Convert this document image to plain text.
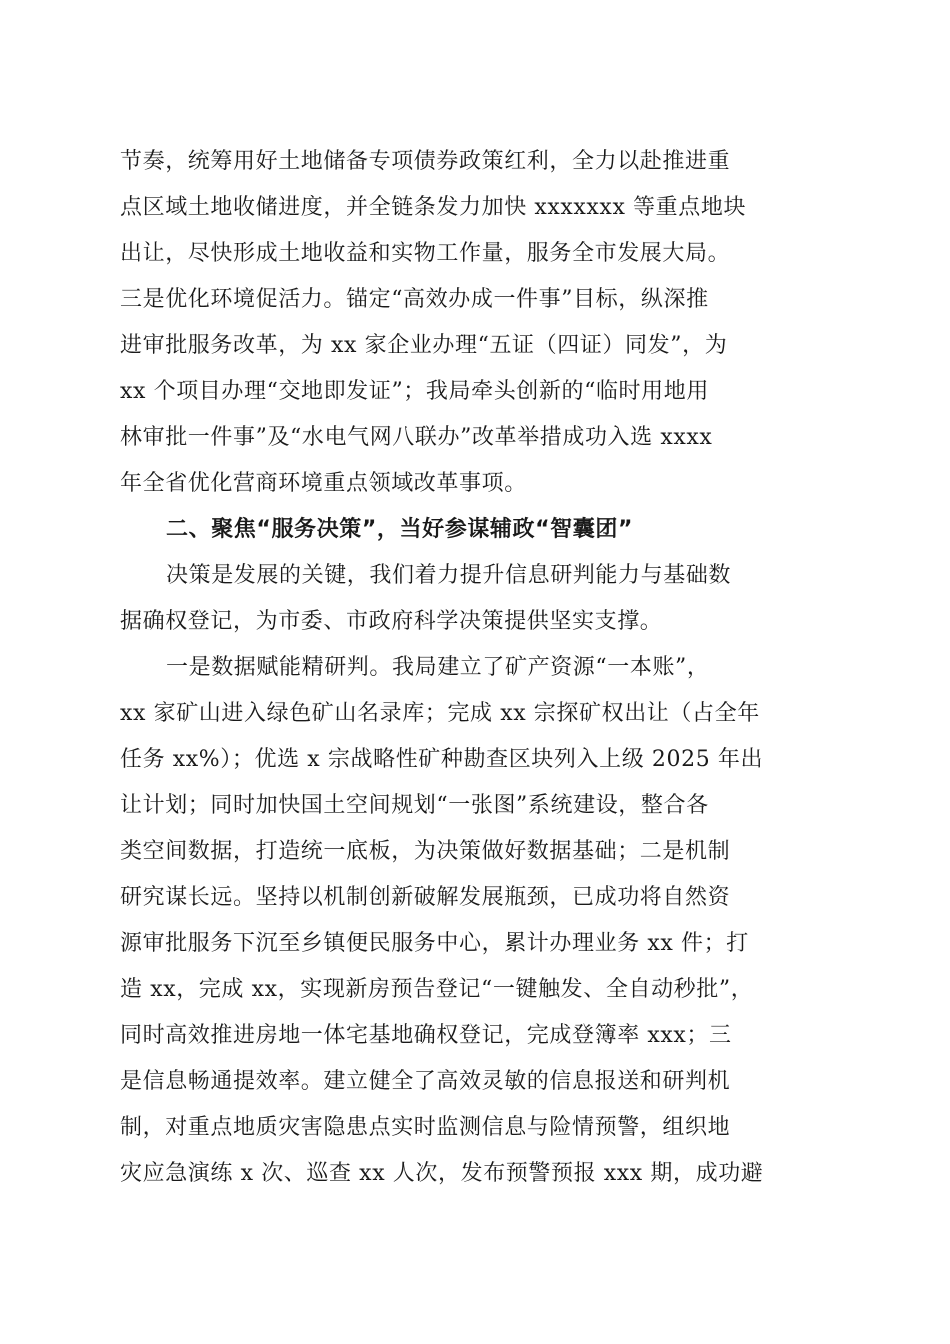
节奏，统筹用好土地储备专项债券政策红利，全力以赴推进重
点区域土地收储进度，并全链条发力加快 xxxxxxx 等重点地块
出让，尽快形成土地收益和实物工作量，服务全市发展大局。
三是优化环境促活力。锚定“高效办成一件事”目标，纵深推
进审批服务改革，为 xx 家企业办理“五证（四证）同发”，为
xx 个项目办理“交地即发证”；我局牵头创新的“临时用地用
林审批一件事”及“水电气网八联办”改革举措成功入选 xxxx
年全省优化营商环境重点领域改革事项。
二、聚焦“服务决策”，当好参谋辅政“智囊团”
决策是发展的关键，我们着力提升信息研判能力与基础数
据确权登记，为市委、市政府科学决策提供坚实支撑。
一是数据赋能精研判。我局建立了矿产资源“一本账”，
xx 家矿山进入绿色矿山名录库；完成 xx 宗探矿权出让（占全年
任务 xx%）；优选 x 宗战略性矿种勘查区块列入上级 2025 年出
让计划；同时加快国土空间规划“一张图”系统建设，整合各
类空间数据，打造统一底板，为决策做好数据基础；二是机制
研究谋长远。坚持以机制创新破解发展瓶颈，已成功将自然资
源审批服务下沉至乡镇便民服务中心，累计办理业务 xx 件；打
造 xx，完成 xx，实现新房预告登记“一键触发、全自动秒批”，
同时高效推进房地一体宅基地确权登记，完成登簿率 xxx；三
是信息畅通提效率。建立健全了高效灵敏的信息报送和研判机
制，对重点地质灾害隐患点实时监测信息与险情预警，组织地
灾应急演练 x 次、巡查 xx 人次，发布预警预报 xxx 期，成功避
